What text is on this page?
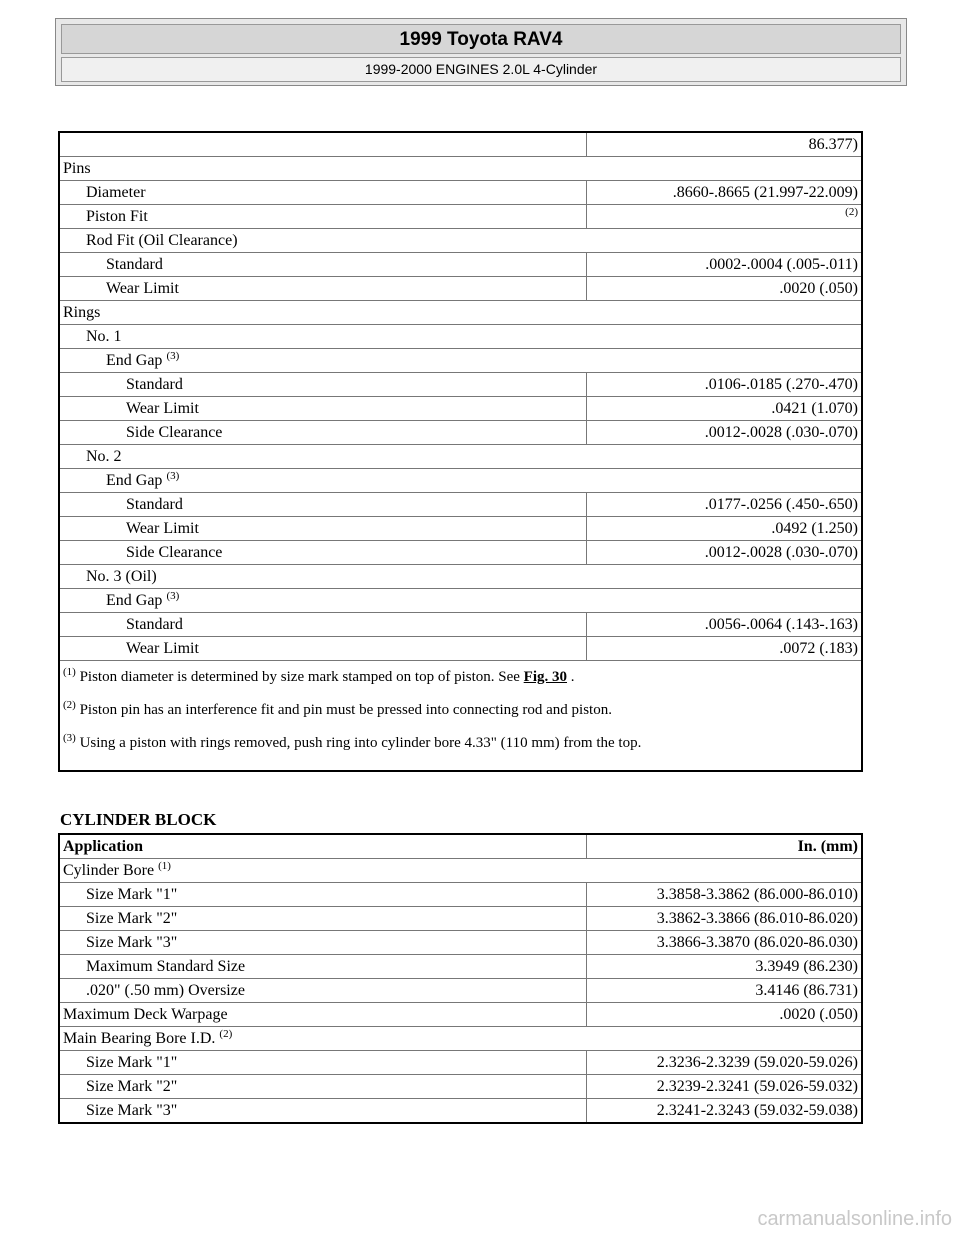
1999 Toyota RAV4
1999-2000 ENGINES 2.0L 4-Cylinder
	86.377)
Pins	
Diameter	.8660-.8665 (21.997-22.009)
Piston Fit	$^{(2)}$
Rod Fit (Oil Clearance)	
Standard	.0002-.0004 (.005-.011)
Wear Limit	.0020 (.050)
Rings	
No. 1	
End Gap $^{(3)}$
Standard	.0106-.0185 (.270-.470)
Wear Limit	.0421 (1.070)
Side Clearance	.0012-.0028 (.030-.070)
No. 2	
End Gap $^{(3)}$
Standard	.0177-.0256 (.450-.650)
Wear Limit	.0492 (1.250)
Side Clearance	.0012-.0028 (.030-.070)
No. 3 (Oil)	
End Gap $^{(3)}$
Standard	.0056-.0064 (.143-.163)
Wear Limit	.0072 (.183)

$^{(1)}$ Piston diameter is determined by size mark stamped on top of piston. See Fig. 30 .
$^{(2)}$ Piston pin has an interference fit and pin must be pressed into connecting rod and piston.
$^{(3)}$ Using a piston with rings removed, push ring into cylinder bore 4.33" (110 mm) from the top.	
CYLINDER BLOCK
Application	In. (mm)
Cylinder Bore $^{(1)}$
Size Mark "1"	3.3858-3.3862 (86.000-86.010)
Size Mark "2"	3.3862-3.3866 (86.010-86.020)
Size Mark "3"	3.3866-3.3870 (86.020-86.030)
Maximum Standard Size	3.3949 (86.230)
.020" (.50 mm) Oversize	3.4146 (86.731)
Maximum Deck Warpage	.0020 (.050)
Main Bearing Bore I.D. $^{(2)}$
Size Mark "1"	2.3236-2.3239 (59.020-59.026)
Size Mark "2"	2.3239-2.3241 (59.026-59.032)
Size Mark "3"	2.3241-2.3243 (59.032-59.038)
carmanualsonline.info
